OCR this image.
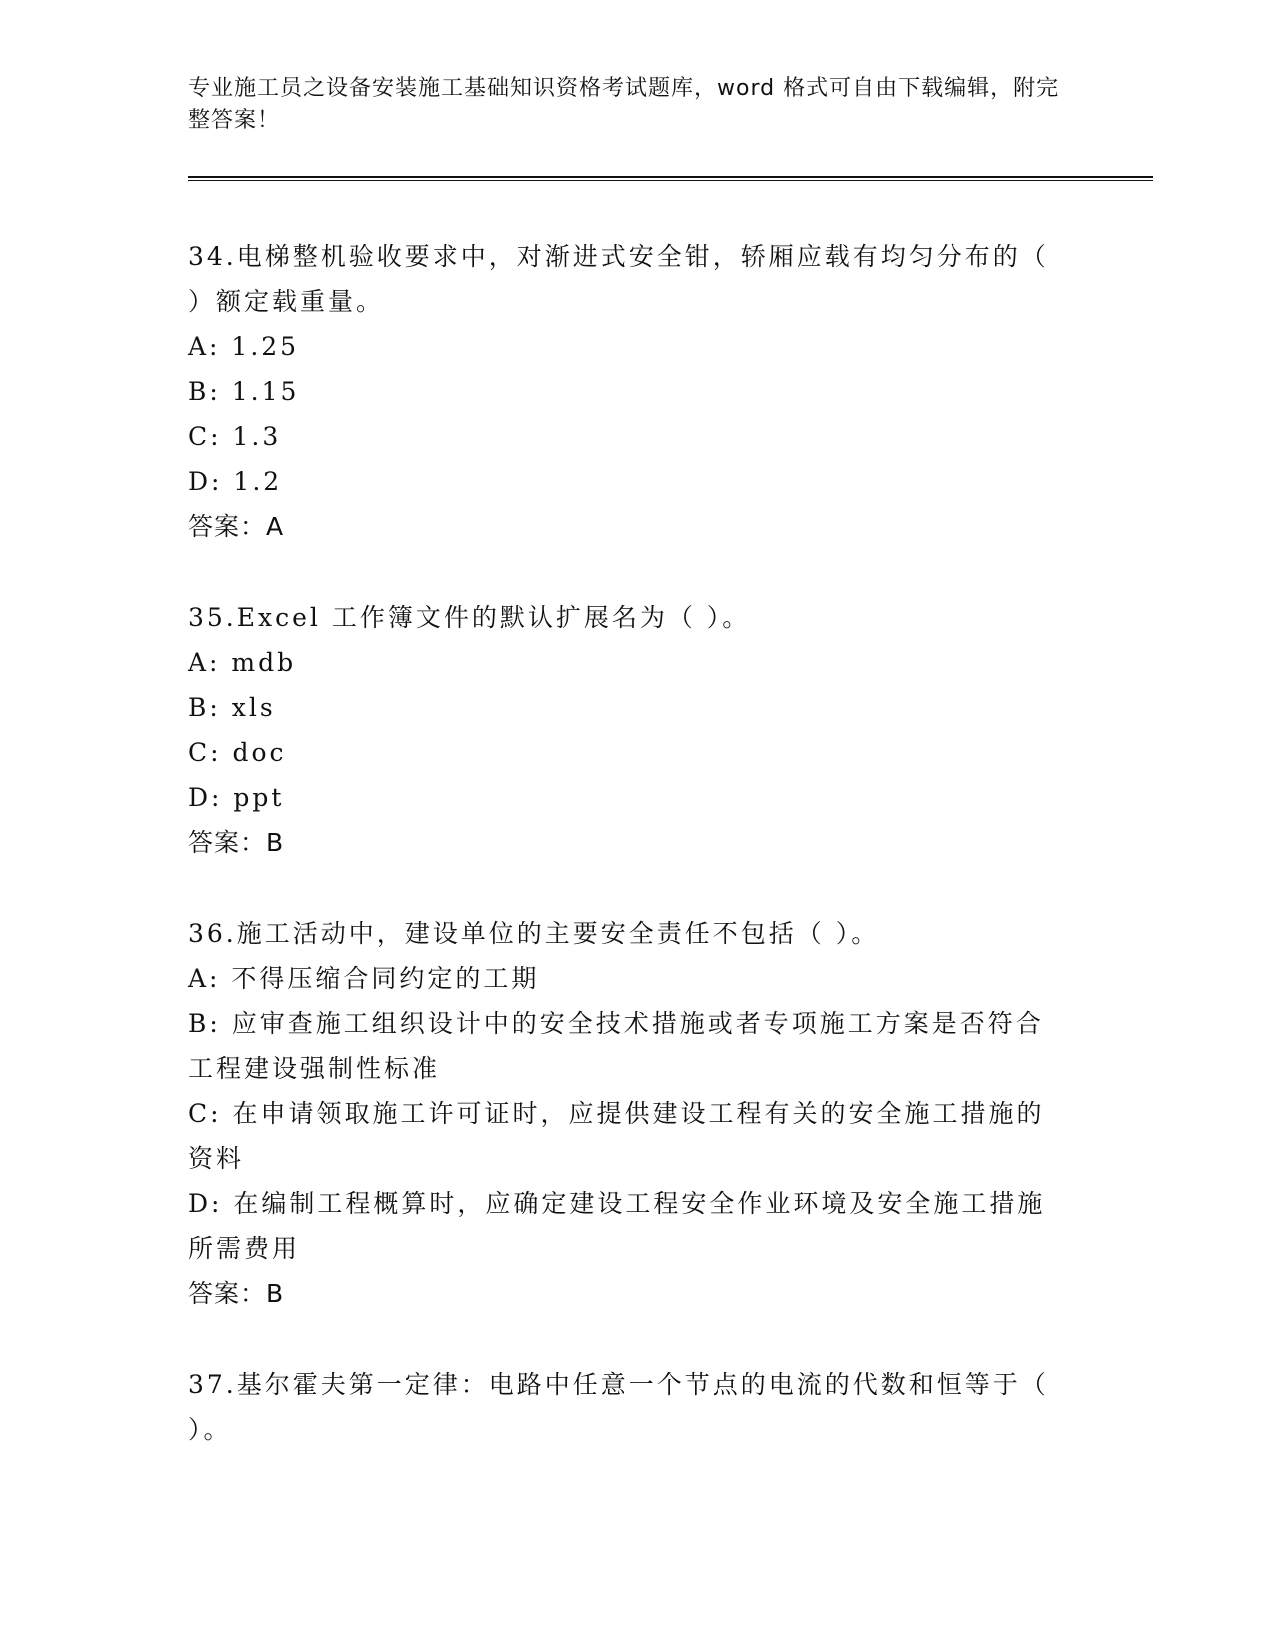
专业施工员之设备安装施工基础知识资格考试题库，word 格式可自由下载编辑，附完整答案！

34.电梯整机验收要求中，对渐进式安全钳，轿厢应载有均匀分布的（ ）额定载重量。

A: 1.25

B: 1.15

C: 1.3

D: 1.2

答案：A

35.Excel 工作簿文件的默认扩展名为（ ）。

A: mdb

B: xls

C: doc

D: ppt

答案：B

36.施工活动中，建设单位的主要安全责任不包括（ ）。

A: 不得压缩合同约定的工期

B: 应审查施工组织设计中的安全技术措施或者专项施工方案是否符合工程建设强制性标准

C: 在申请领取施工许可证时，应提供建设工程有关的安全施工措施的资料

D: 在编制工程概算时，应确定建设工程安全作业环境及安全施工措施所需费用

答案：B

37.基尔霍夫第一定律：电路中任意一个节点的电流的代数和恒等于（ ）。
